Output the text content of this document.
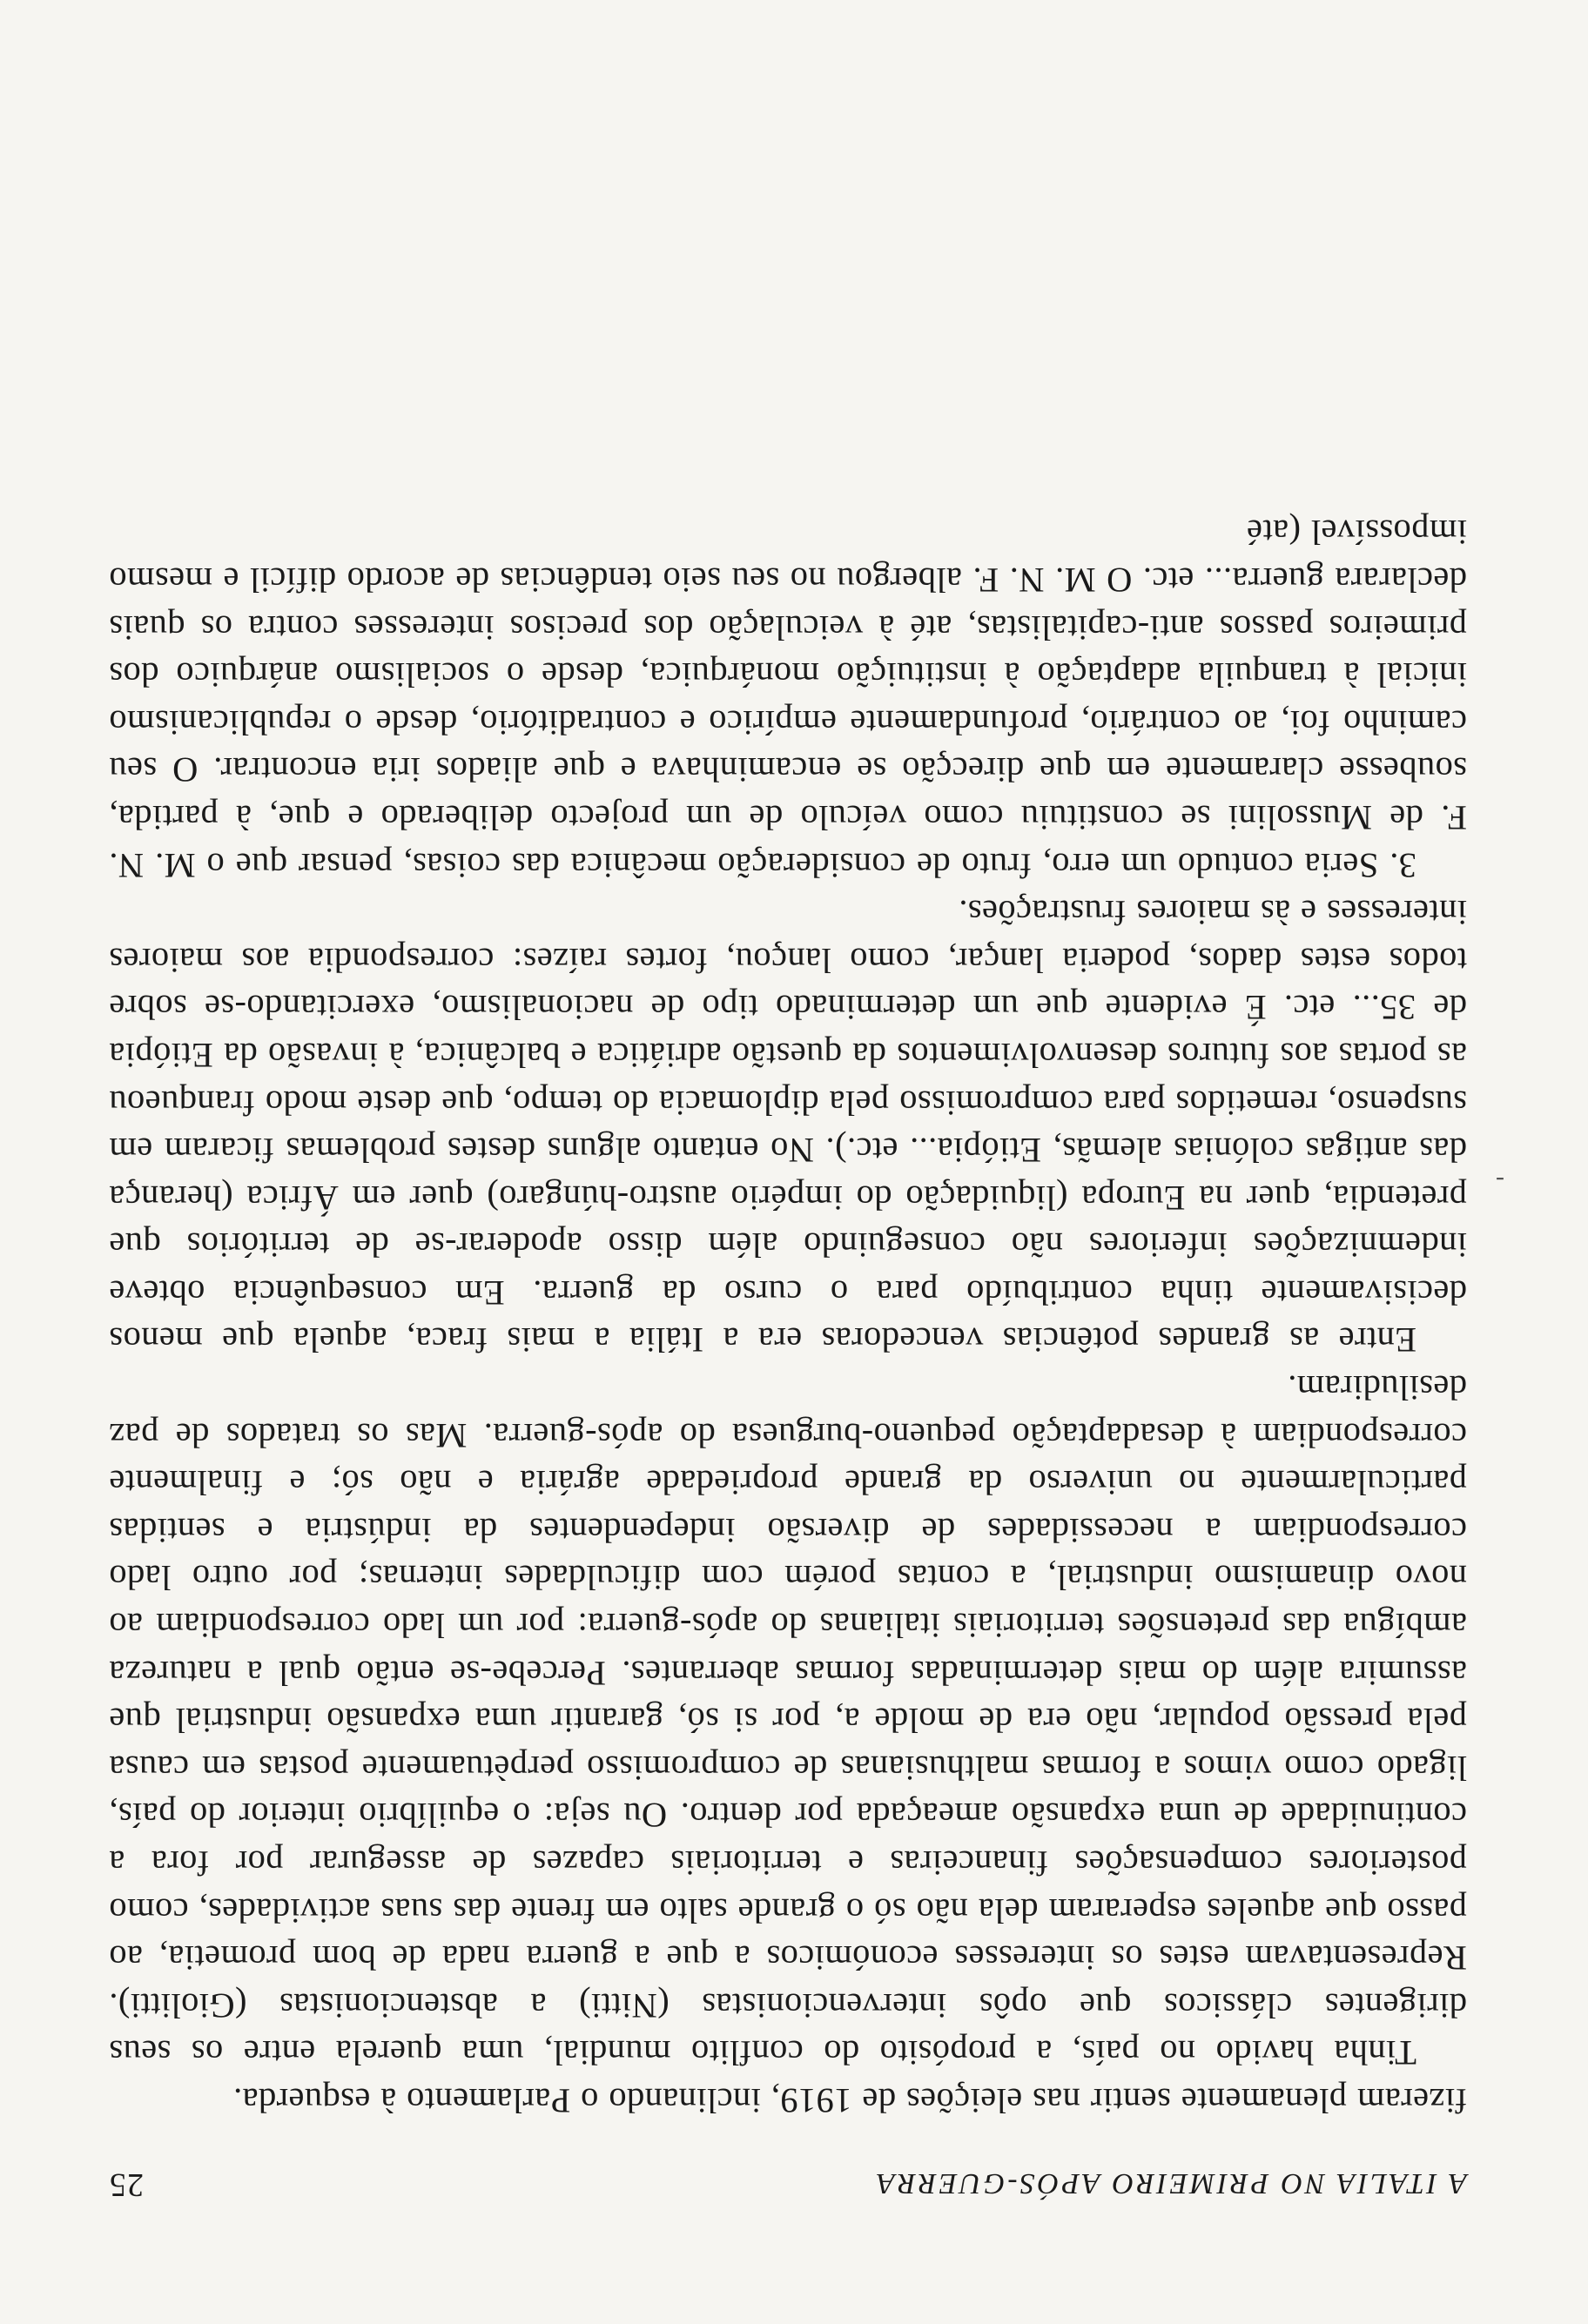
A ITALIA NO PRIMEIRO APÓS-GUERRA
25

fizeram plenamente sentir nas eleições de 1919, inclinando o Parlamento à esquerda.

Tinha havido no país, a propósito do conflito mundial, uma querela entre os seus dirigentes clássicos que opôs intervencionistas (Nitti) a abstencionistas (Giolitti). Representavam estes os interesses económicos a que a guerra nada de bom prometia, ao passo que aqueles esperaram dela não só o grande salto em frente das suas actividades, como posteriores compensações financeiras e territoriais capazes de assegurar por fora a continuidade de uma expansão ameaçada por dentro. Ou seja: o equilíbrio interior do país, ligado como vimos a formas malthusianas de compromisso perpètuamente postas em causa pela pressão popular, não era de molde a, por si só, garantir uma expansão industrial que assumira além do mais determinadas formas aberrantes. Percebe-se então qual a natureza ambígua das pretensões territoriais italianas do após-guerra: por um lado correspondiam ao novo dinamismo industrial, a contas porém com dificuldades internas; por outro lado correspondiam a necessidades de diversão independentes da indústria e sentidas particularmente no universo da grande propriedade agrária e não só; e finalmente correspondiam à desadaptação pequeno-burguesa do após-guerra. Mas os tratados de paz desiludiram.

Entre as grandes potências vencedoras era a Itália a mais fraca, aquela que menos decisivamente tinha contribuído para o curso da guerra. Em consequência obteve indemnizações inferiores não conseguindo além disso apoderar-se de territórios que pretendia, quer na Europa (liquidação do império austro-húngaro) quer em África (herança das antigas colónias alemãs, Etiópia... etc.). No entanto alguns destes problemas ficaram em suspenso, remetidos para compromisso pela diplomacia do tempo, que deste modo franqueou as portas aos futuros desenvolvimentos da questão adriática e balcânica, à invasão da Etiópia de 35... etc. É evidente que um determinado tipo de nacionalismo, exercitando-se sobre todos estes dados, poderia lançar, como lançou, fortes raízes: correspondia aos maiores interesses e às maiores frustrações.

3. Seria contudo um erro, fruto de consideração mecânica das coisas, pensar que o M. N. F. de Mussolini se constituiu como veículo de um projecto deliberado e que, à partida, soubesse claramente em que direcção se encaminhava e que aliados iria encontrar. O seu caminho foi, ao contrário, profundamente empírico e contraditório, desde o republicanismo inicial à tranquila adaptação à instituição monárquica, desde o socialismo anárquico dos primeiros passos anti-capitalistas, até à veiculação dos precisos interesses contra os quais declarara guerra... etc. O M. N. F. albergou no seu seio tendências de acordo difícil e mesmo impossível (até

-
